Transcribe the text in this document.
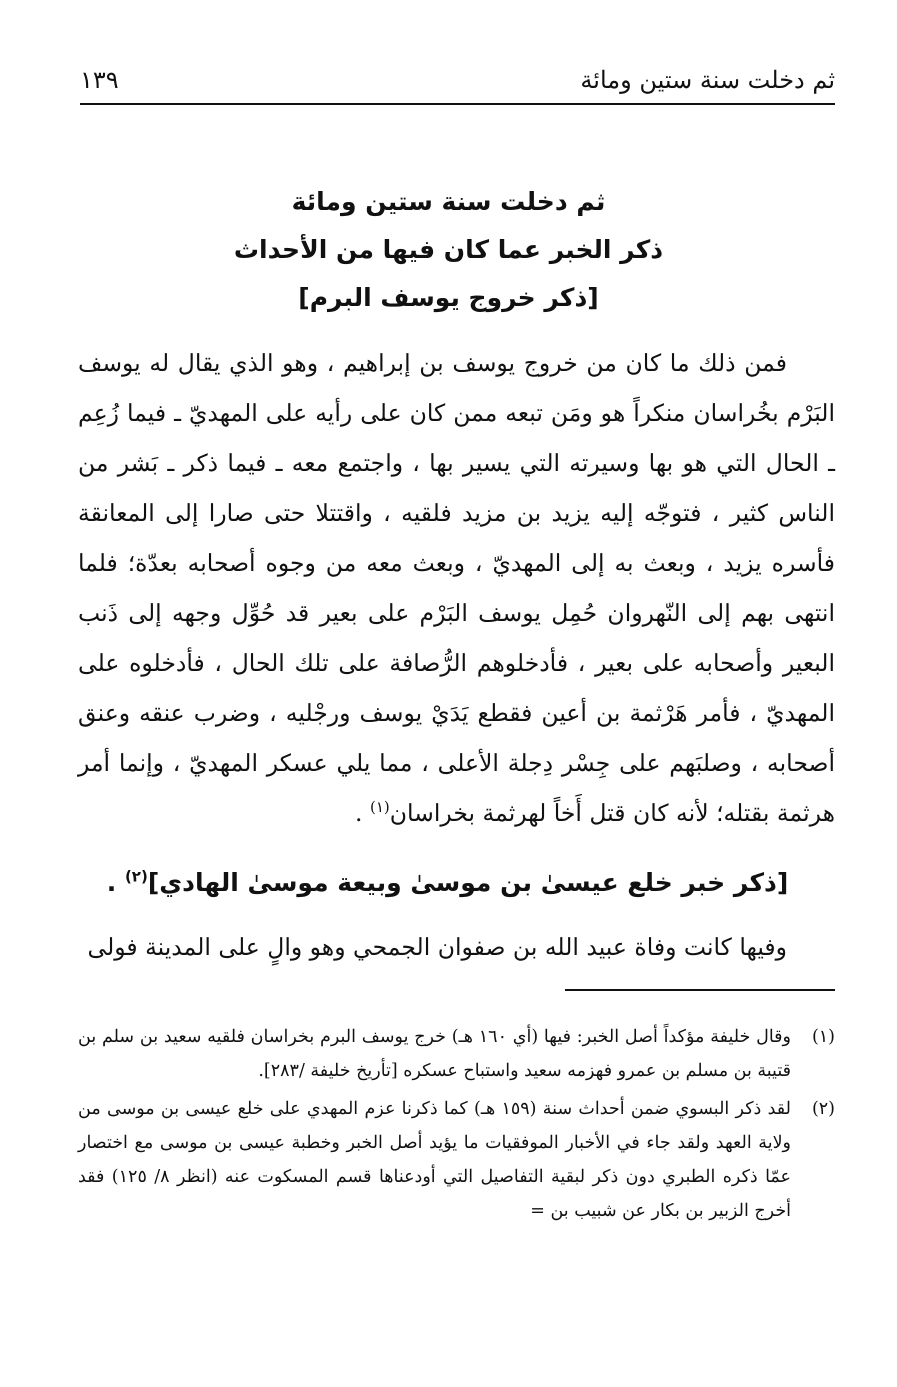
ثم دخلت سنة ستين ومائة
١٣٩
ثم دخلت سنة ستين ومائة
ذكر الخبر عما كان فيها من الأحداث
[ذكر خروج يوسف البرم]

فمن ذلك ما كان من خروج يوسف بن إبراهيم ، وهو الذي يقال له يوسف البَرْم بخُراسان منكراً هو ومَن تبعه ممن كان على رأيه على المهديّ ـ فيما زُعِم ـ الحال التي هو بها وسيرته التي يسير بها ، واجتمع معه ـ فيما ذكر ـ بَشر من الناس كثير ، فتوجّه إليه يزيد بن مزيد فلقيه ، واقتتلا حتى صارا إلى المعانقة فأسره يزيد ، وبعث به إلى المهديّ ، وبعث معه من وجوه أصحابه بعدّة؛ فلما انتهى بهم إلى النّهروان حُمِل يوسف البَرْم على بعير قد حُوِّل وجهه إلى ذَنب البعير وأصحابه على بعير ، فأدخلوهم الرُّصافة على تلك الحال ، فأدخلوه على المهديّ ، فأمر هَرْثمة بن أعين فقطع يَدَيْ يوسف ورجْليه ، وضرب عنقه وعنق أصحابه ، وصلبَهم على جِسْر دِجلة الأعلى ، مما يلي عسكر المهديّ ، وإنما أمر هرثمة بقتله؛ لأنه كان قتل أَخاً لهرثمة بخراسان$^{(١)}$ .

[ذكر خبر خلع عيسىٰ بن موسىٰ وبيعة موسىٰ الهادي]$^{(٢)}$ .

وفيها كانت وفاة عبيد الله بن صفوان الجمحي وهو والٍ على المدينة فولى

(١)
وقال خليفة مؤكداً أصل الخبر: فيها (أي ١٦٠ هـ) خرج يوسف البرم بخراسان فلقيه سعيد بن سلم بن قتيبة بن مسلم بن عمرو فهزمه سعيد واستباح عسكره [تأريخ خليفة /٢٨٣].
(٢)
لقد ذكر البسوي ضمن أحداث سنة (١٥٩ هـ) كما ذكرنا عزم المهدي على خلع عيسى بن موسى من ولاية العهد ولقد جاء في الأخبار الموفقيات ما يؤيد أصل الخبر وخطبة عيسى بن موسى مع اختصار عمّا ذكره الطبري دون ذكر لبقية التفاصيل التي أودعناها قسم المسكوت عنه (انظر ٨/ ١٢٥) فقد أخرج الزبير بن بكار عن شبيب بن =
